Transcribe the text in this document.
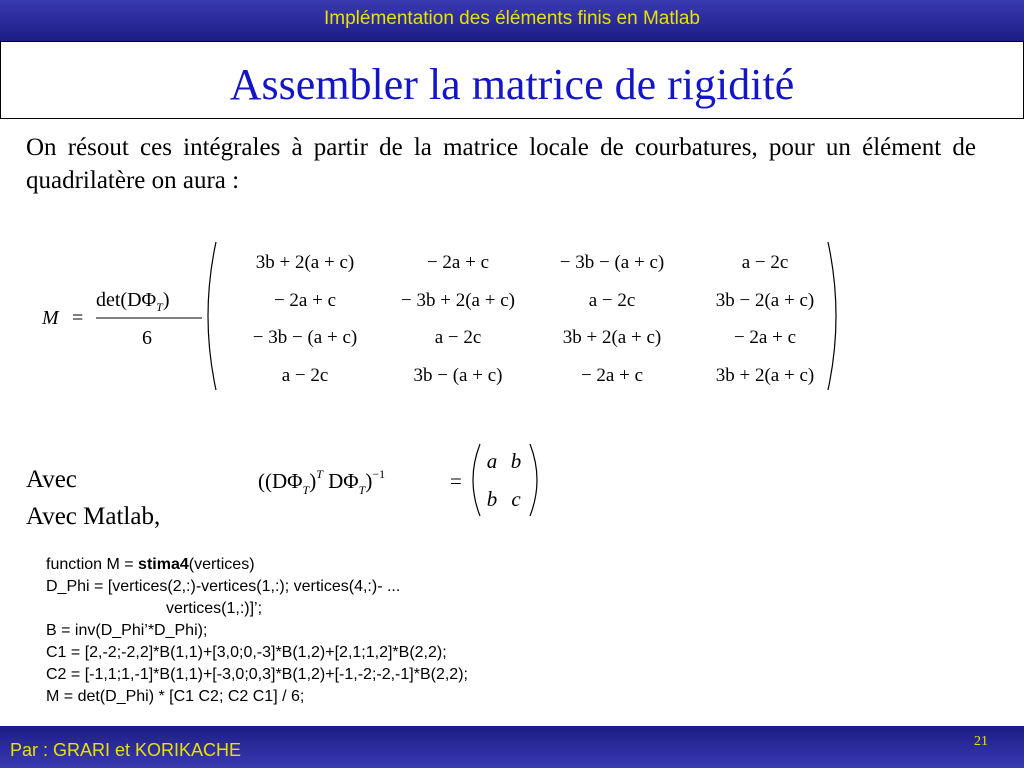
Implémentation des éléments finis en Matlab
Assembler la matrice de rigidité
On résout ces intégrales à partir de la matrice locale de courbatures, pour un élément de quadrilatère on aura :
M =
$\det(D\Phi_T)$
6
3b + 2(a + c)	− 2a + c	− 3b − (a + c)	a − 2c
− 2a + c	− 3b + 2(a + c)	a − 2c	3b − 2(a + c)
− 3b − (a + c)	a − 2c	3b + 2(a + c)	− 2a + c
a − 2c	3b − (a + c)	− 2a + c	3b + 2(a + c)
Avec
Avec Matlab,
($(D\Phi_T)^T$ $D\Phi_T)^{-1}$	=
a b
b c
function M = stima4(vertices)
D_Phi = [vertices(2,:)-vertices(1,:); vertices(4,:)- ...
vertices(1,:)]’;
B = inv(D_Phi’*D_Phi);
C1 = [2,-2;-2,2]*B(1,1)+[3,0;0,-3]*B(1,2)+[2,1;1,2]*B(2,2);
C2 = [-1,1;1,-1]*B(1,1)+[-3,0;0,3]*B(1,2)+[-1,-2;-2,-1]*B(2,2);
M = det(D_Phi) * [C1 C2; C2 C1] / 6;
Par : GRARI et KORIKACHE	21
